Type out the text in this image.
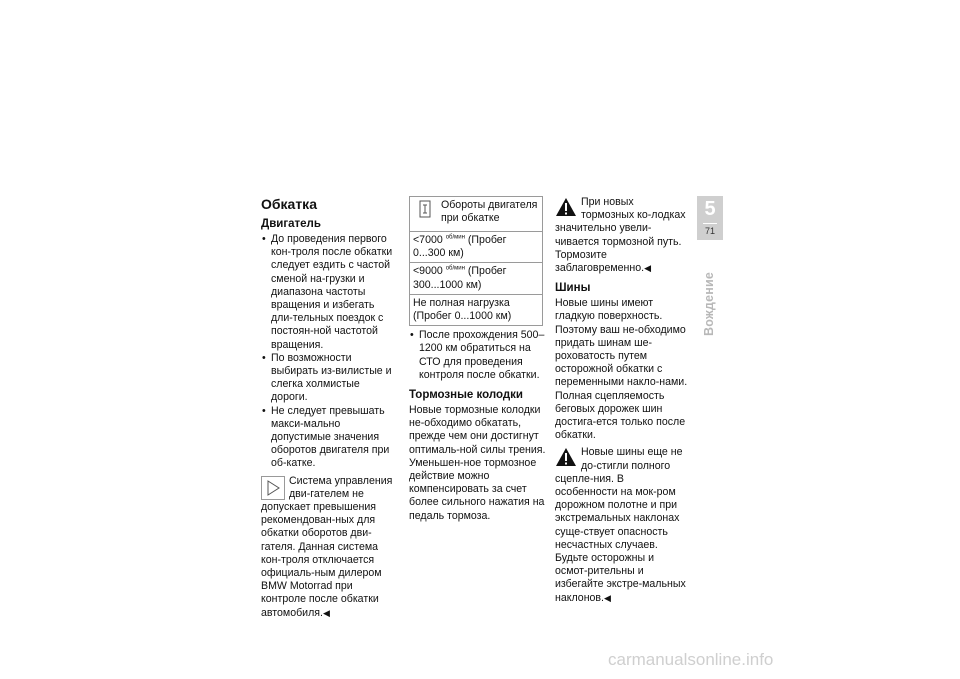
Обкатка
Двигатель
• До проведения первого кон-троля после обкатки следует ездить с частой сменой на-грузки и диапазона частоты вращения и избегать дли-тельных поездок с постоян-ной частотой вращения.
• По возможности выбирать из-вилистые и слегка холмистые дороги.
• Не следует превышать макси-мально допустимые значения оборотов двигателя при об-катке.
Система управления дви-гателем не допускает превышения рекомендован-ных для обкатки оборотов дви-гателя. Данная система кон-троля отключается официаль-ным дилером BMW Motorrad при контроле после обкатки автомобиля.◀
Обороты двигателя при обкатке
<7000 $^{об/мин}$ (Пробег 0...300 км)
<9000 $^{об/мин}$ (Пробег 300...1000 км)
Не полная нагрузка (Пробег 0...1000 км)
• После прохождения 500–1200 км обратиться на СТО для проведения контроля после обкатки.
Тормозные колодки

Новые тормозные колодки не-обходимо обкатать, прежде чем они достигнут оптималь-ной силы трения. Уменьшен-ное тормозное действие можно компенсировать за счет более сильного нажатия на педаль тормоза.

При новых тормозных ко-лодках значительно увели-чивается тормозной путь. Тормозите заблаговременно.◀
Шины

Новые шины имеют гладкую поверхность. Поэтому ваш не-обходимо придать шинам ше-роховатость путем осторожной обкатки с переменными накло-нами. Полная сцепляемость беговых дорожек шин достига-ется только после обкатки.

Новые шины еще не до-стигли полного сцепле-ния. В особенности на мок-ром дорожном полотне и при экстремальных наклонах суще-ствует опасность несчастных случаев.

Будьте осторожны и осмот-рительны и избегайте экстре-мальных наклонов.◀

5
71
Вождение
carmanualsonline.info
